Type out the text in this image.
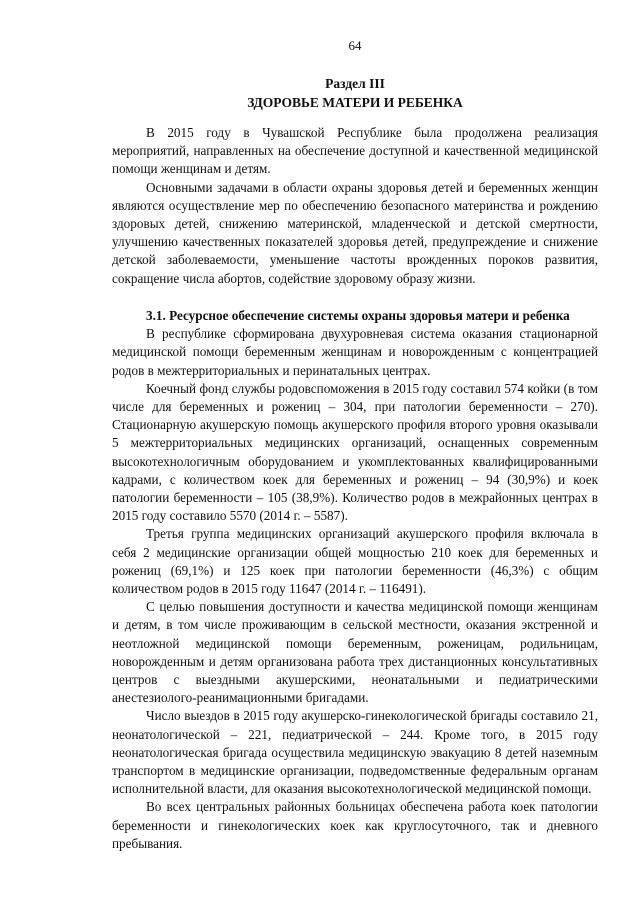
64
Раздел III
ЗДОРОВЬЕ МАТЕРИ И РЕБЕНКА

В 2015 году в Чувашской Республике была продолжена реализация мероприятий, направленных на обеспечение доступной и качественной медицинской помощи женщинам и детям.

Основными задачами в области охраны здоровья детей и беременных женщин являются осуществление мер по обеспечению безопасного материнства и рождению здоровых детей, снижению материнской, младенческой и детской смертности, улучшению качественных показателей здоровья детей, предупреждение и снижение детской заболеваемости, уменьшение частоты врожденных пороков развития, сокращение числа абортов, содействие здоровому образу жизни.

3.1. Ресурсное обеспечение системы охраны здоровья матери и ребенка

В республике сформирована двухуровневая система оказания стационарной медицинской помощи беременным женщинам и новорожденным с концентрацией родов в межтерриториальных и перинатальных центрах.

Коечный фонд службы родовспоможения в 2015 году составил 574 койки (в том числе для беременных и рожениц – 304, при патологии беременности – 270). Стационарную акушерскую помощь акушерского профиля второго уровня оказывали 5 межтерриториальных медицинских организаций, оснащенных современным высокотехнологичным оборудованием и укомплектованных квалифицированными кадрами, с количеством коек для беременных и рожениц – 94 (30,9%) и коек патологии беременности – 105 (38,9%). Количество родов в межрайонных центрах в 2015 году составило 5570 (2014 г. – 5587).

Третья группа медицинских организаций акушерского профиля включала в себя 2 медицинские организации общей мощностью 210 коек для беременных и рожениц (69,1%) и 125 коек при патологии беременности (46,3%) с общим количеством родов в 2015 году 11647 (2014 г. – 116491).

С целью повышения доступности и качества медицинской помощи женщинам и детям, в том числе проживающим в сельской местности, оказания экстренной и неотложной медицинской помощи беременным, роженицам, родильницам, новорожденным и детям организована работа трех дистанционных консультативных центров с выездными акушерскими, неонатальными и педиатрическими анестезиолого-реанимационными бригадами.

Число выездов в 2015 году акушерско-гинекологической бригады составило 21, неонатологической – 221, педиатрической – 244. Кроме того, в 2015 году неонатологическая бригада осуществила медицинскую эвакуацию 8 детей наземным транспортом в медицинские организации, подведомственные федеральным органам исполнительной власти, для оказания высокотехнологической медицинской помощи.

Во всех центральных районных больницах обеспечена работа коек патологии беременности и гинекологических коек как круглосуточного, так и дневного пребывания.
